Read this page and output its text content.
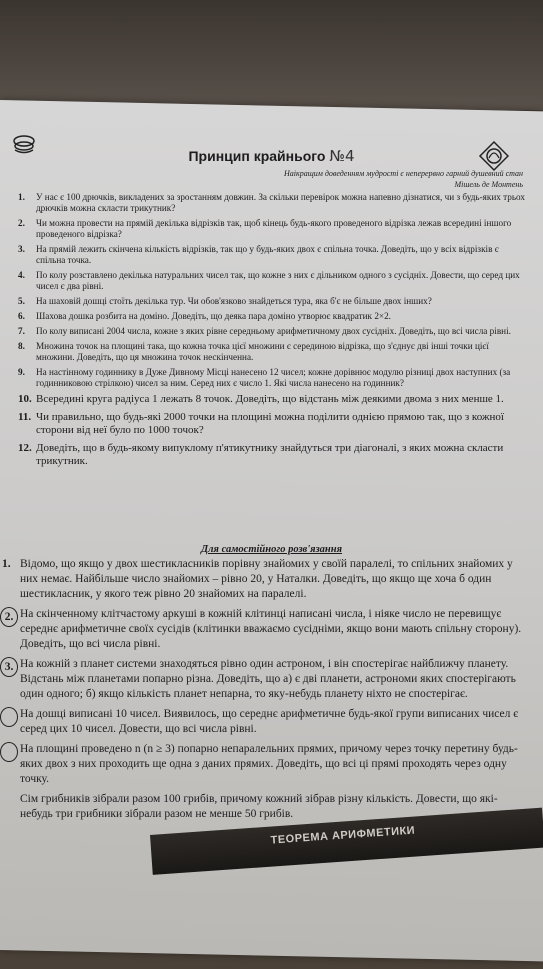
Принцип крайнього №4
Наікращим доведенням мудрості є неперервно гарний душевний стан
Мішель де Монтень
1.	У нас є 100 дрючків, викладених за зростанням довжин. За скільки перевірок можна напевно дізнатися, чи з будь-яких трьох дрючків можна скласти трикутник?
2.	Чи можна провести на прямій декілька відрізків так, щоб кінець будь-якого проведеного відрізка лежав всередині іншого проведеного відрізка?
3.	На прямій лежить скінчена кількість відрізків, так що у будь-яких двох є спільна точка. Доведіть, що у всіх відрізків є спільна точка.
4.	По колу розставлено декілька натуральних чисел так, що кожне з них є дільником одного з сусідніх. Довести, що серед цих чисел є два рівні.
5.	На шаховій дошці стоїть декілька тур. Чи обов'язково знайдеться тура, яка б'є не більше двох інших?
6.	Шахова дошка розбита на доміно. Доведіть, що деяка пара доміно утворює квадратик 2×2.
7.	По колу виписані 2004 числа, кожне з яких рівне середньому арифметичному двох сусідніх. Доведіть, що всі числа рівні.
8.	Множина точок на площині така, що кожна точка цієї множини є серединою відрізка, що з'єднує дві інші точки цієї множини. Доведіть, що ця множина точок нескінченна.
9.	На настінному годиннику в Дуже Дивному Місці нанесено 12 чисел; кожне дорівнює модулю різниці двох наступних (за годинниковою стрілкою) чисел за ним. Серед них є число 1. Які числа нанесено на годинник?
10. Всередині круга радіуса 1 лежать 8 точок. Доведіть, що відстань між деякими двома з них менше 1.
11. Чи правильно, що будь-які 2000 точки на площині можна поділити однією прямою так, що з кожної сторони від неї було по 1000 точок?
12. Доведіть, що в будь-якому випуклому п'ятикутнику знайдуться три діагоналі, з яких можна скласти трикутник.
Для самостійного розв'язання
1. Відомо, що якщо у двох шестикласників порівну знайомих у своїй паралелі, то спільних знайомих у них немає. Найбільше число знайомих – рівно 20, у Наталки. Доведіть, що якщо ще хоча б один шестикласник, у якого теж рівно 20 знайомих на паралелі.
2. На скінченному клітчастому аркуші в кожній клітинці написані числа, і ніяке число не перевищує середнє арифметичне своїх сусідів (клітинки вважаємо сусідніми, якщо вони мають спільну сторону). Доведіть, що всі числа рівні.
3. На кожній з планет системи знаходяться рівно один астроном, і він спостерігає найближчу планету. Відстань між планетами попарно різна. Доведіть, що а) є дві планети, астрономи яких спостерігають один одного; б) якщо кількість планет непарна, то яку-небудь планету ніхто не спостерігає.
На дошці виписані 10 чисел. Виявилось, що середнє арифметичне будь-якої групи виписаних чисел є серед цих 10 чисел. Довести, що всі числа рівні.
На площині проведено n (n ≥ 3) попарно непаралельних прямих, причому через точку перетину будь-яких двох з них проходить ще одна з даних прямих. Доведіть, що всі ці прямі проходять через одну точку.
Сім грибників зібрали разом 100 грибів, причому кожний зібрав різну кількість. Довести, що які-небудь три грибники зібрали разом не менше 50 грибів.
ТЕОРЕМА АРИФМЕТИКИ
